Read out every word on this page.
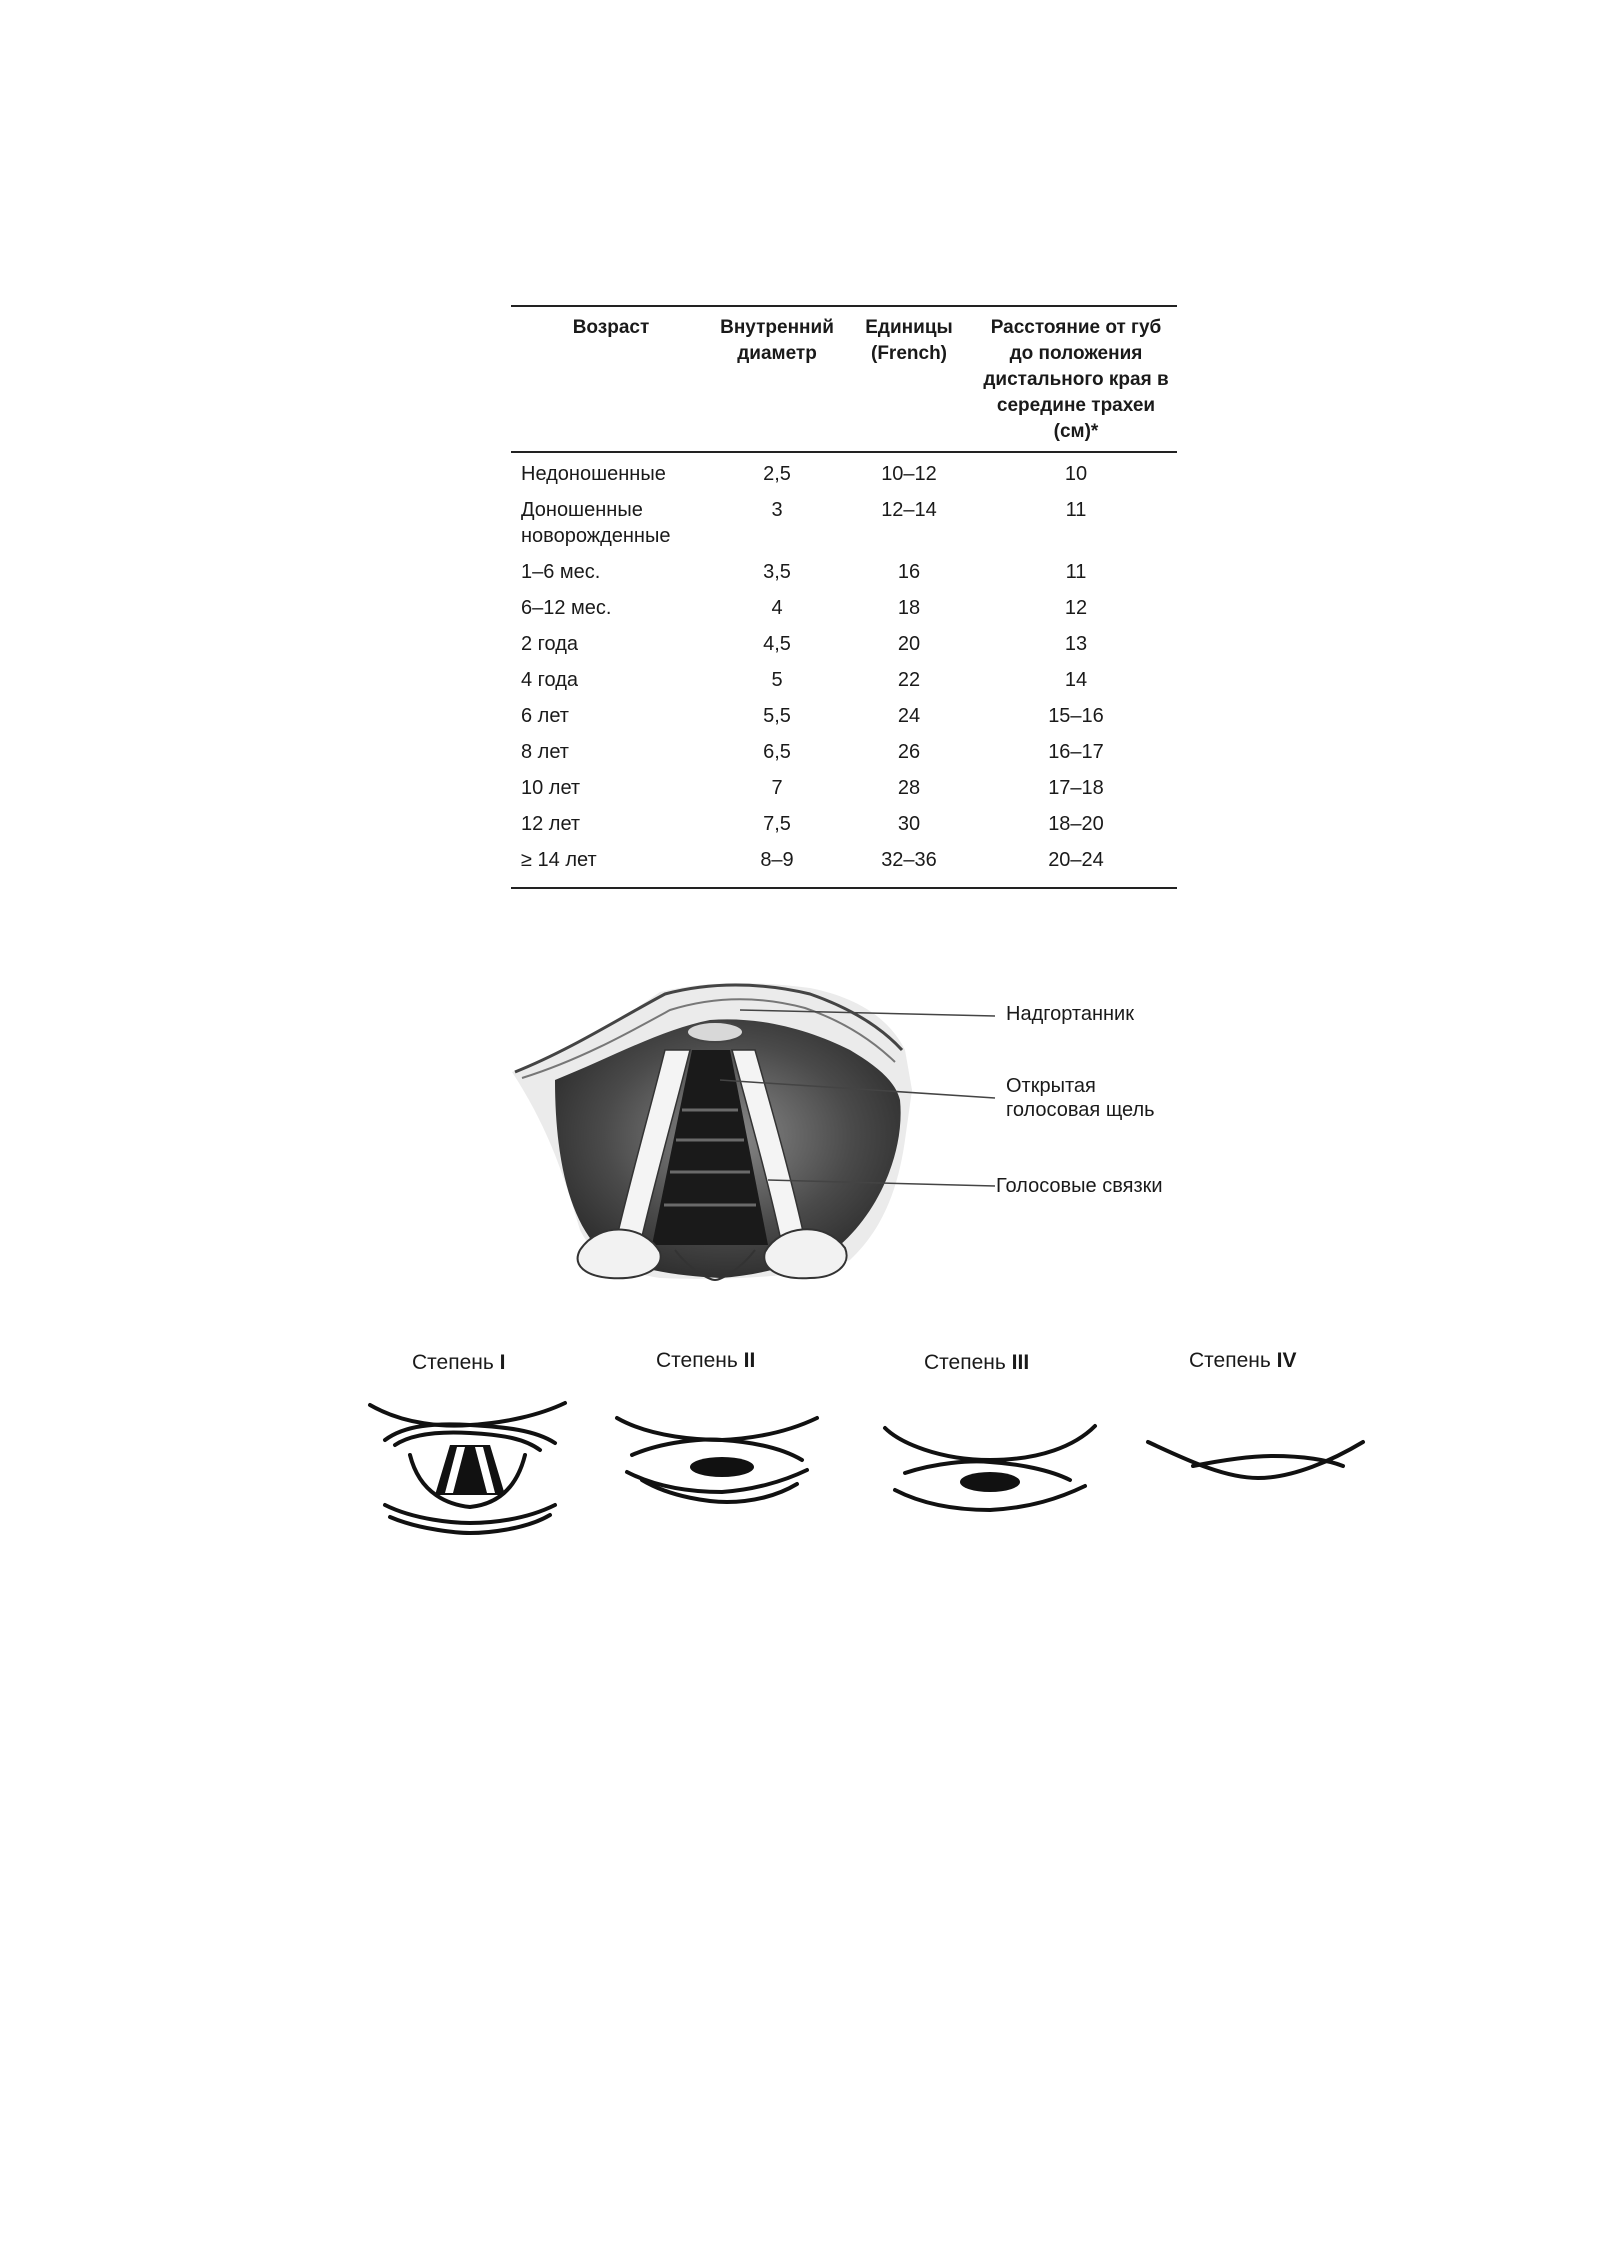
Возраст	Внутренний диаметр	Единицы (French)	Расстояние от губ до положения дистального края в середине трахеи (см)*
Недоношенные	2,5	10–12	10
Доношенные новорожденные	3	12–14	11
1–6 мес.	3,5	16	11
6–12 мес.	4	18	12
2 года	4,5	20	13
4 года	5	22	14
6 лет	5,5	24	15–16
8 лет	6,5	26	16–17
10 лет	7	28	17–18
12 лет	7,5	30	18–20
≥ 14 лет	8–9	32–36	20–24
Надгортанник
Открытая
голосовая щель
Голосовые связки
Степень I	Степень II	Степень III	Степень IV
